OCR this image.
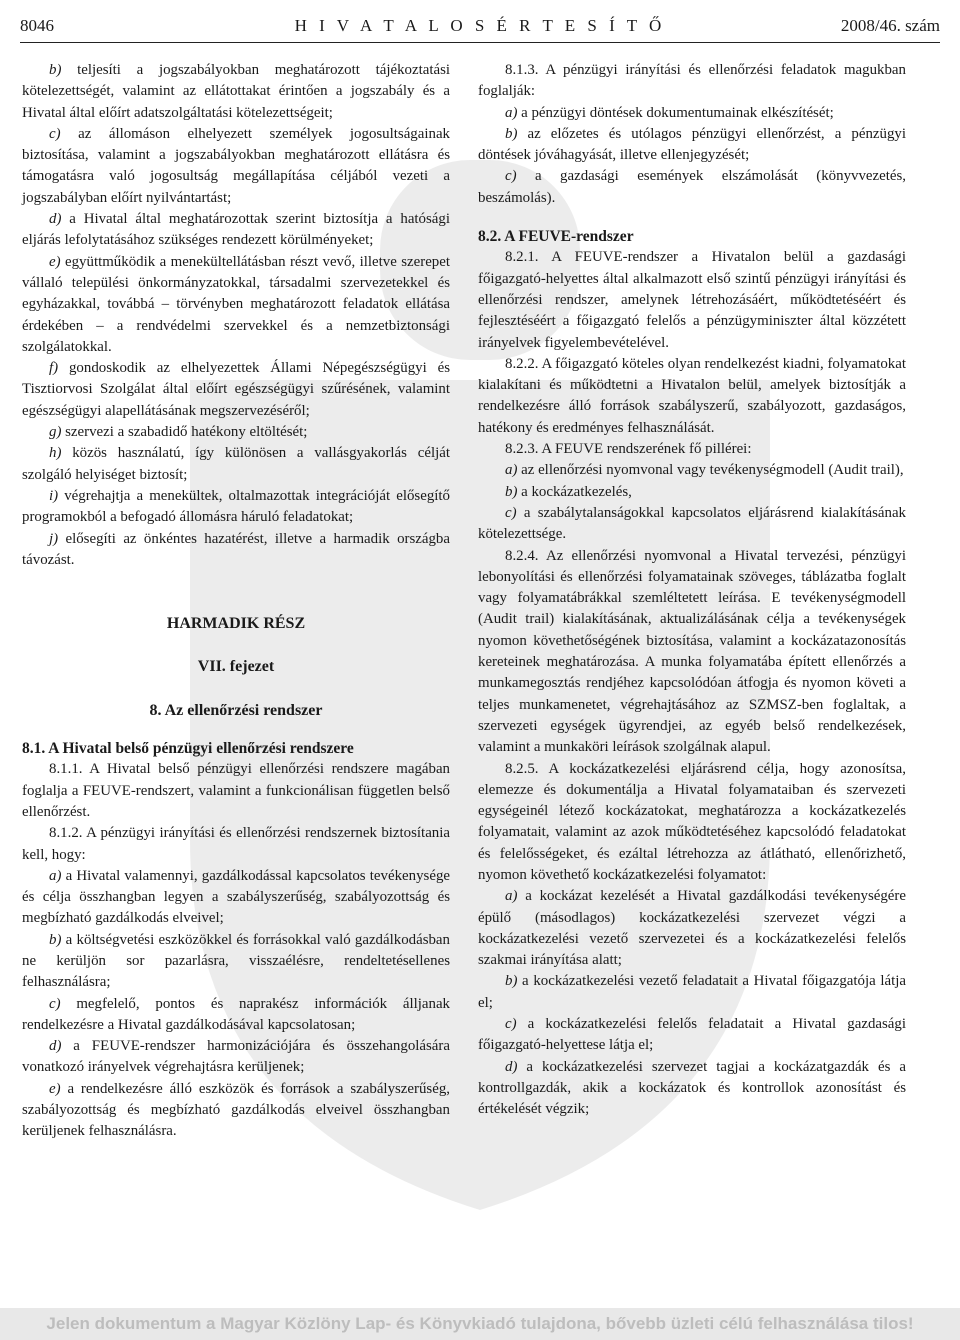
8046	H I V A T A L O S É R T E S Í T Ő	2008/46. szám

b) teljesíti a jogszabályokban meghatározott tájékoztatási kötelezettségét, valamint az ellátottakat érintően a jogszabály és a Hivatal által előírt adatszolgáltatási kötelezettségeit;

c) az állomáson elhelyezett személyek jogosultságainak biztosítása, valamint a jogszabályokban meghatározott ellátásra és támogatásra való jogosultság megállapítása céljából vezeti a jogszabályban előírt nyilvántartást;

d) a Hivatal által meghatározottak szerint biztosítja a hatósági eljárás lefolytatásához szükséges rendezett körülményeket;

e) együttműködik a menekültellátásban részt vevő, illetve szerepet vállaló települési önkormányzatokkal, társadalmi szervezetekkel és egyházakkal, továbbá – törvényben meghatározott feladatok ellátása érdekében – a rendvédelmi szervekkel és a nemzetbiztonsági szolgálatokkal.

f) gondoskodik az elhelyezettek Állami Népegészségügyi és Tisztiorvosi Szolgálat által előírt egészségügyi szűrésének, valamint egészségügyi alapellátásának megszervezéséről;

g) szervezi a szabadidő hatékony eltöltését;

h) közös használatú, így különösen a vallásgyakorlás célját szolgáló helyiséget biztosít;

i) végrehajtja a menekültek, oltalmazottak integrációját elősegítő programokból a befogadó állomásra háruló feladatokat;

j) elősegíti az önkéntes hazatérést, illetve a harmadik országba távozást.

HARMADIK RÉSZ

VII. fejezet

8. Az ellenőrzési rendszer

8.1. A Hivatal belső pénzügyi ellenőrzési rendszere

8.1.1. A Hivatal belső pénzügyi ellenőrzési rendszere magában foglalja a FEUVE-rendszert, valamint a funkcionálisan független belső ellenőrzést.

8.1.2. A pénzügyi irányítási és ellenőrzési rendszernek biztosítania kell, hogy:

a) a Hivatal valamennyi, gazdálkodással kapcsolatos tevékenysége és célja összhangban legyen a szabályszerűség, szabályozottság és megbízható gazdálkodás elveivel;

b) a költségvetési eszközökkel és forrásokkal való gazdálkodásban ne kerüljön sor pazarlásra, visszaélésre, rendeltetésellenes felhasználásra;

c) megfelelő, pontos és naprakész információk álljanak rendelkezésre a Hivatal gazdálkodásával kapcsolatosan;

d) a FEUVE-rendszer harmonizációjára és összehangolására vonatkozó irányelvek végrehajtásra kerüljenek;

e) a rendelkezésre álló eszközök és források a szabályszerűség, szabályozottság és megbízható gazdálkodás elveivel összhangban kerüljenek felhasználásra.

8.1.3. A pénzügyi irányítási és ellenőrzési feladatok magukban foglalják:

a) a pénzügyi döntések dokumentumainak elkészítését;

b) az előzetes és utólagos pénzügyi ellenőrzést, a pénzügyi döntések jóváhagyását, illetve ellenjegyzését;

c) a gazdasági események elszámolását (könyvvezetés, beszámolás).

8.2. A FEUVE-rendszer

8.2.1. A FEUVE-rendszer a Hivatalon belül a gazdasági főigazgató-helyettes által alkalmazott első szintű pénzügyi irányítási és ellenőrzési rendszer, amelynek létrehozásáért, működtetéséért és fejlesztéséért a főigazgató felelős a pénzügyminiszter által közzétett irányelvek figyelembevételével.

8.2.2. A főigazgató köteles olyan rendelkezést kiadni, folyamatokat kialakítani és működtetni a Hivatalon belül, amelyek biztosítják a rendelkezésre álló források szabályszerű, szabályozott, gazdaságos, hatékony és eredményes felhasználását.

8.2.3. A FEUVE rendszerének fő pillérei:

a) az ellenőrzési nyomvonal vagy tevékenységmodell (Audit trail),

b) a kockázatkezelés,

c) a szabálytalanságokkal kapcsolatos eljárásrend kialakításának kötelezettsége.

8.2.4. Az ellenőrzési nyomvonal a Hivatal tervezési, pénzügyi lebonyolítási és ellenőrzési folyamatainak szöveges, táblázatba foglalt vagy folyamatábrákkal szemléltetett leírása. E tevékenységmodell (Audit trail) kialakításának, aktualizálásának célja a tevékenységek nyomon követhetőségének biztosítása, valamint a kockázatazonosítás kereteinek meghatározása. A munka folyamatába épített ellenőrzés a munkamegosztás rendjéhez kapcsolódóan átfogja és nyomon követi a teljes munkamenetet, végrehajtásához az SZMSZ-ben foglaltak, a szervezeti egységek ügyrendjei, az egyéb belső rendelkezések, valamint a munkaköri leírások szolgálnak alapul.

8.2.5. A kockázatkezelési eljárásrend célja, hogy azonosítsa, elemezze és dokumentálja a Hivatal folyamataiban és szervezeti egységeinél létező kockázatokat, meghatározza a kockázatkezelés folyamatait, valamint az azok működtetéséhez kapcsolódó feladatokat és felelősségeket, és ezáltal létrehozza az átlátható, ellenőrizhető, nyomon követhető kockázatkezelési folyamatot:

a) a kockázat kezelését a Hivatal gazdálkodási tevékenységére épülő (másodlagos) kockázatkezelési szervezet végzi a kockázatkezelési vezető szervezetei és a kockázatkezelési felelős szakmai irányítása alatt;

b) a kockázatkezelési vezető feladatait a Hivatal főigazgatója látja el;

c) a kockázatkezelési felelős feladatait a Hivatal gazdasági főigazgató-helyettese látja el;

d) a kockázatkezelési szervezet tagjai a kockázatgazdák és a kontrollgazdák, akik a kockázatok és kontrollok azonosítást és értékelését végzik;

Jelen dokumentum a Magyar Közlöny Lap- és Könyvkiadó tulajdona, bővebb üzleti célú felhasználása tilos!
